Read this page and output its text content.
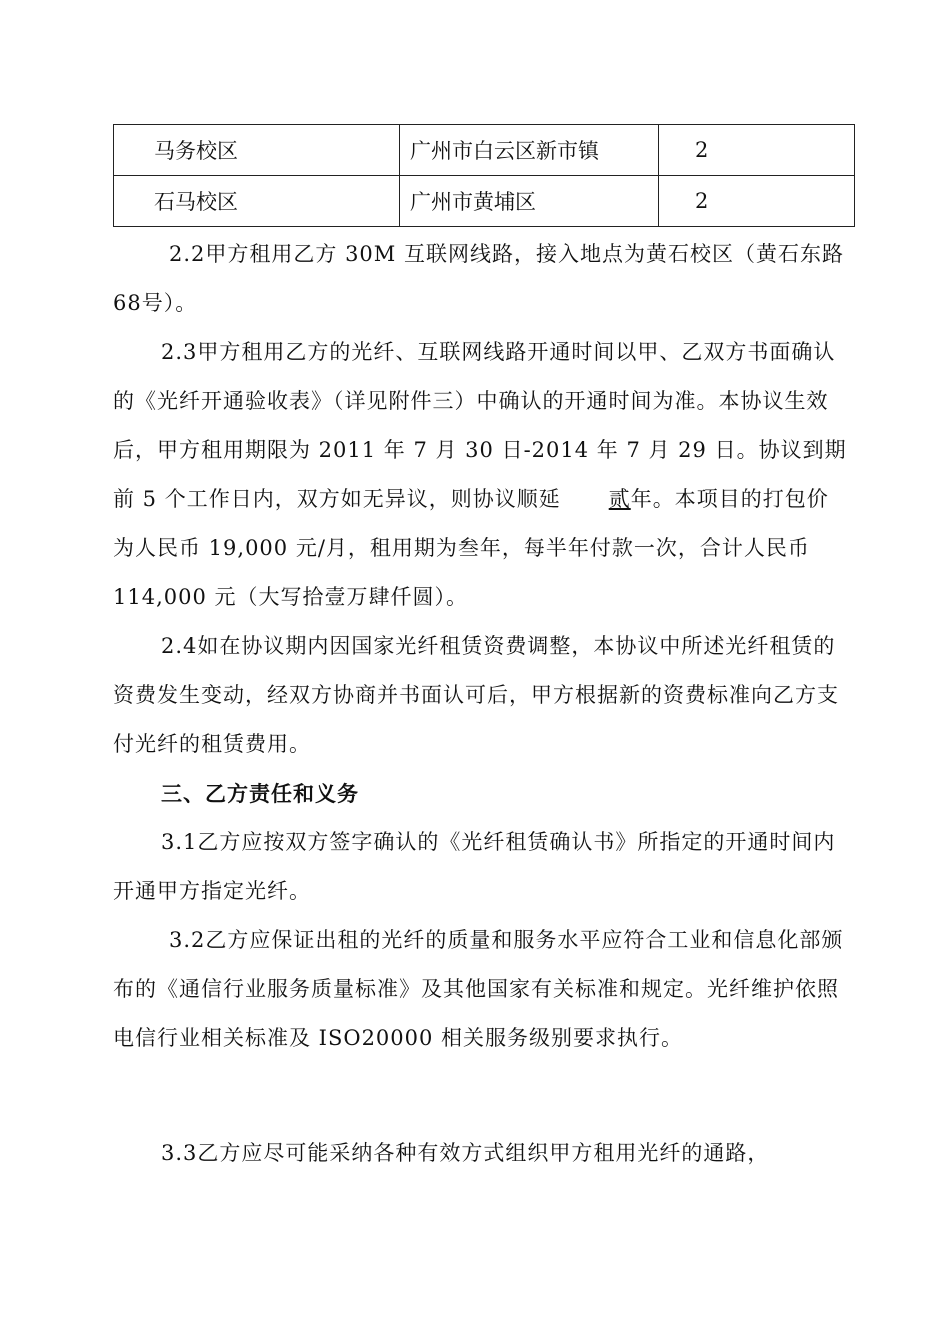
马务校区	广州市白云区新市镇	2
石马校区	广州市黄埔区	2

2.2甲方租用乙方 30M 互联网线路，接入地点为黄石校区（黄石东路68号）。

2.3甲方租用乙方的光纤、互联网线路开通时间以甲、乙双方书面确认的《光纤开通验收表》（详见附件三）中确认的开通时间为准。本协议生效后，甲方租用期限为 2011 年 7 月 30 日-2014 年 7 月 29 日。协议到期前 5 个工作日内，双方如无异议，则协议顺延 贰年。本项目的打包价为人民币 19,000 元/月，租用期为叁年，每半年付款一次，合计人民币 114,000 元（大写拾壹万肆仟圆）。

2.4如在协议期内因国家光纤租赁资费调整，本协议中所述光纤租赁的资费发生变动，经双方协商并书面认可后，甲方根据新的资费标准向乙方支付光纤的租赁费用。

三、乙方责任和义务

3.1乙方应按双方签字确认的《光纤租赁确认书》所指定的开通时间内开通甲方指定光纤。

3.2乙方应保证出租的光纤的质量和服务水平应符合工业和信息化部颁布的《通信行业服务质量标准》及其他国家有关标准和规定。光纤维护依照电信行业相关标准及 ISO20000 相关服务级别要求执行。

3.3乙方应尽可能采纳各种有效方式组织甲方租用光纤的通路，
